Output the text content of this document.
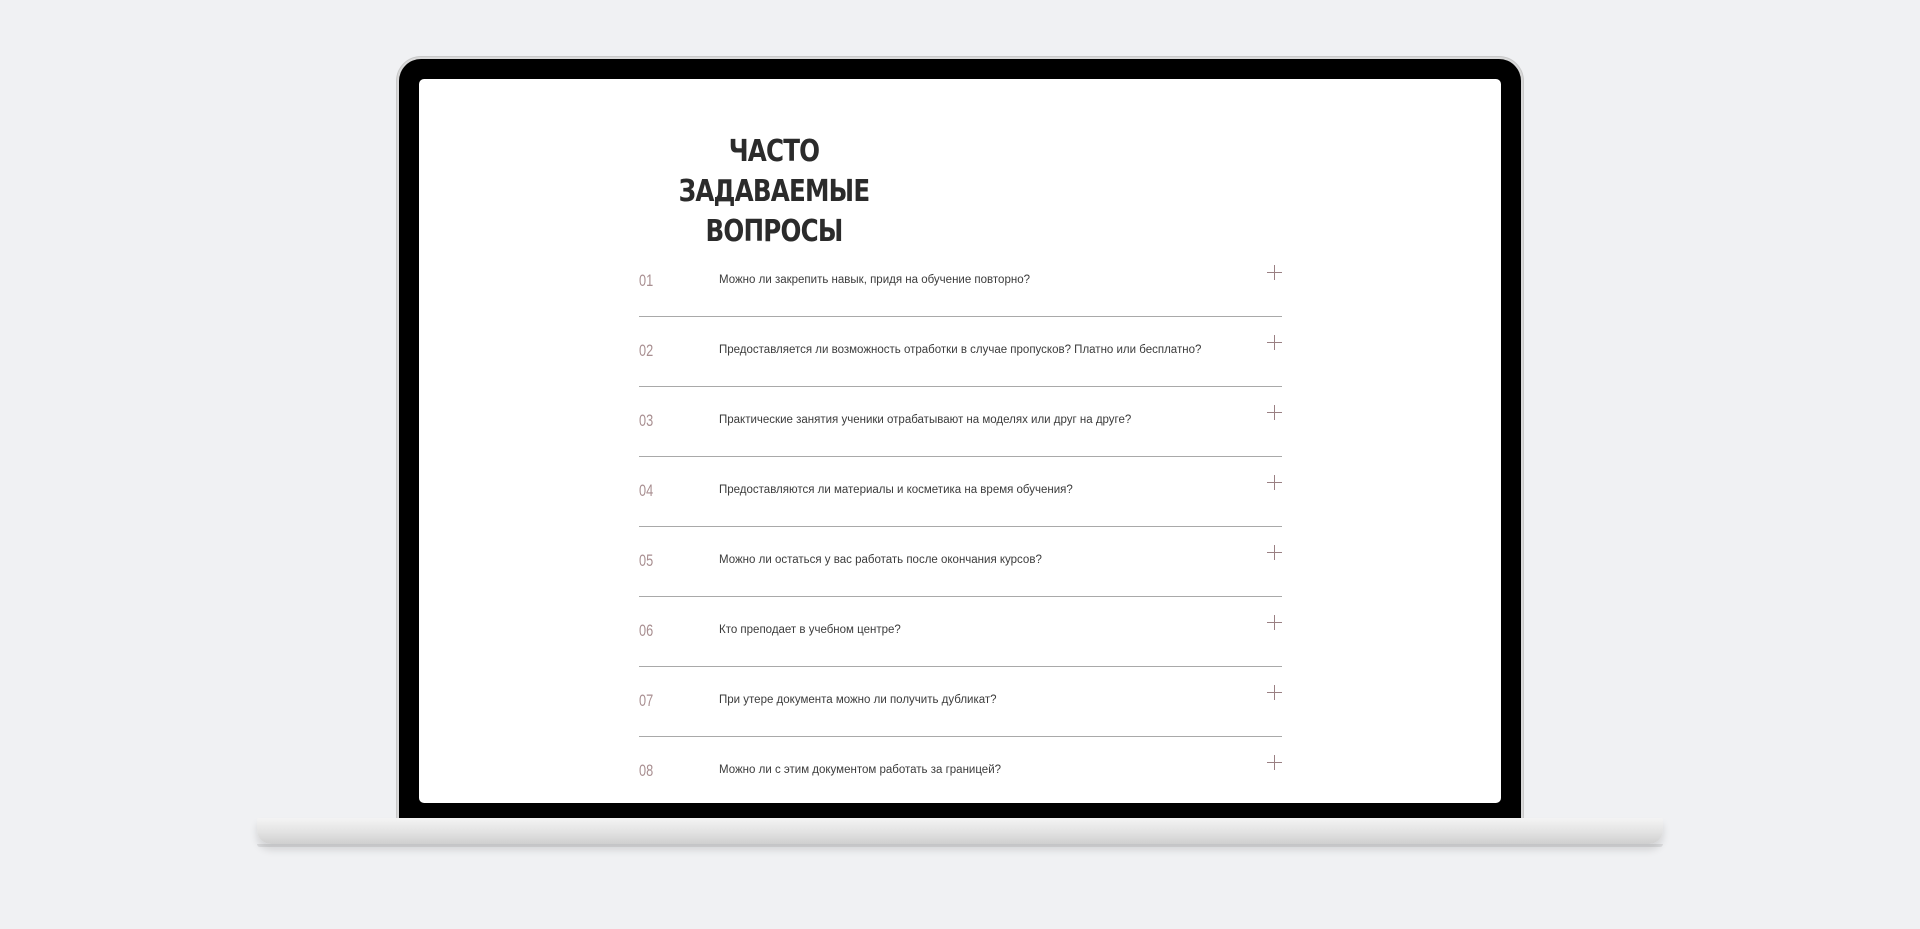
ЧАСТО ЗАДАВАЕМЫЕ
ВОПРОСЫ
01	Можно ли закрепить навык, придя на обучение повторно?
02	Предоставляется ли возможность отработки в случае пропусков? Платно или бесплатно?
03	Практические занятия ученики отрабатывают на моделях или друг на друге?
04	Предоставляются ли материалы и косметика на время обучения?
05	Можно ли остаться у вас работать после окончания курсов?
06	Кто преподает в учебном центре?
07	При утере документа можно ли получить дубликат?
08	Можно ли с этим документом работать за границей?
